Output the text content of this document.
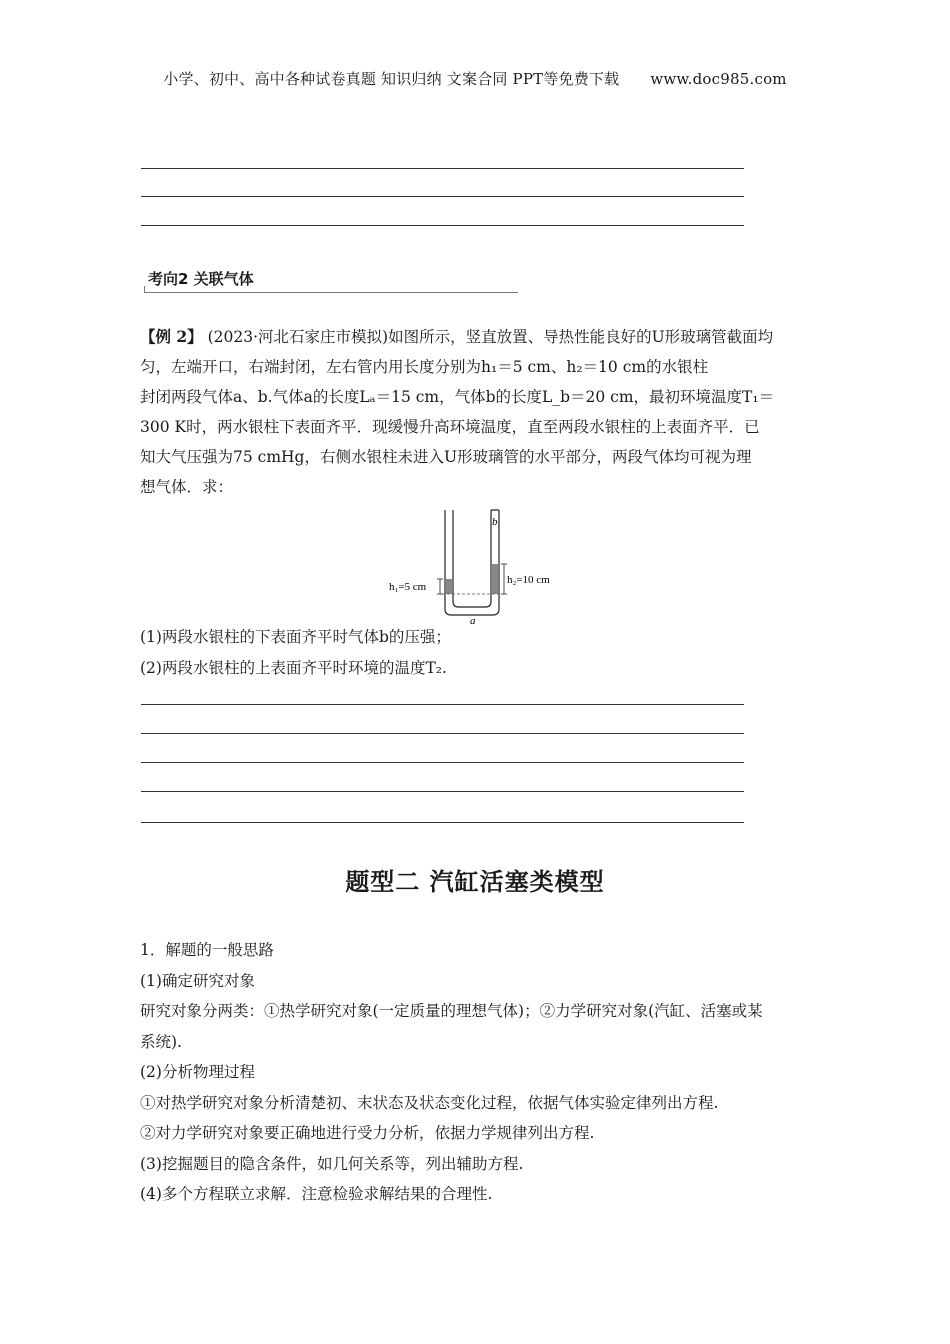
小学、初中、高中各种试卷真题 知识归纳 文案合同 PPT等免费下载 www.doc985.com
考向2 关联气体

【例 2】 (2023·河北石家庄市模拟)如图所示，竖直放置、导热性能良好的U形玻璃管截面均

匀，左端开口，右端封闭，左右管内用长度分别为h₁＝5 cm、h₂＝10 cm的水银柱

封闭两段气体a、b.气体a的长度Lₐ＝15 cm，气体b的长度L_b＝20 cm，最初环境温度T₁＝

300 K时，两水银柱下表面齐平．现缓慢升高环境温度，直至两段水银柱的上表面齐平．已

知大气压强为75 cmHg，右侧水银柱未进入U形玻璃管的水平部分，两段气体均可视为理

想气体．求：

b
a
h₁=5 cm
h₂=10 cm
(1)两段水银柱的下表面齐平时气体b的压强；
(2)两段水银柱的上表面齐平时环境的温度T₂.
题型二 汽缸活塞类模型
1．解题的一般思路
(1)确定研究对象
研究对象分两类：①热学研究对象(一定质量的理想气体)；②力学研究对象(汽缸、活塞或某
系统).
(2)分析物理过程
①对热学研究对象分析清楚初、末状态及状态变化过程，依据气体实验定律列出方程.
②对力学研究对象要正确地进行受力分析，依据力学规律列出方程.
(3)挖掘题目的隐含条件，如几何关系等，列出辅助方程.
(4)多个方程联立求解．注意检验求解结果的合理性.
